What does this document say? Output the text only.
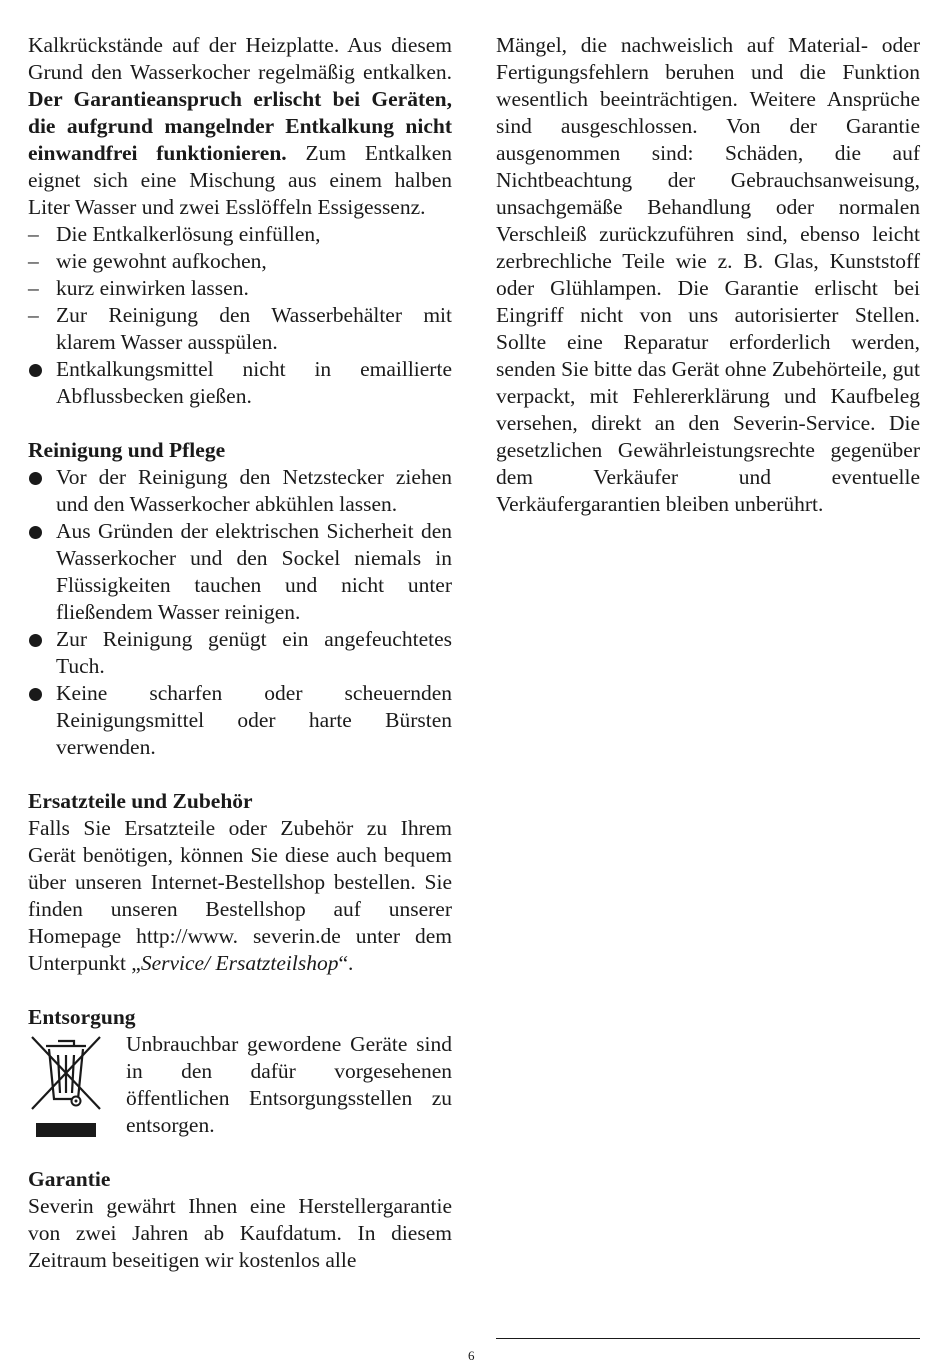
Kalkrückstände auf der Heizplatte. Aus diesem Grund den Wasserkocher regelmäßig entkalken. Der Garantieanspruch erlischt bei Geräten, die aufgrund mangelnder Entkalkung nicht einwandfrei funktionieren. Zum Entkalken eignet sich eine Mischung aus einem halben Liter Wasser und zwei Esslöffeln Essigessenz.

– Die Entkalkerlösung einfüllen,
– wie gewohnt aufkochen,
– kurz einwirken lassen.
– Zur Reinigung den Wasserbehälter mit klarem Wasser ausspülen.
Entkalkungsmittel nicht in emaillierte Abflussbecken gießen.

Reinigung und Pflege

Vor der Reinigung den Netzstecker ziehen und den Wasserkocher abkühlen lassen.
Aus Gründen der elektrischen Sicherheit den Wasserkocher und den Sockel niemals in Flüssigkeiten tauchen und nicht unter fließendem Wasser reinigen.
Zur Reinigung genügt ein angefeuchtetes Tuch.
Keine scharfen oder scheuernden Reinigungsmittel oder harte Bürsten verwenden.

Ersatzteile und Zubehör

Falls Sie Ersatzteile oder Zubehör zu Ihrem Gerät benötigen, können Sie diese auch bequem über unseren Internet-Bestellshop bestellen. Sie finden unseren Bestellshop auf unserer Homepage http://www. severin.de unter dem Unterpunkt „Service/ Ersatzteilshop“.

Entsorgung

Unbrauchbar gewordene Geräte sind in den dafür vorgesehenen öffentlichen Entsorgungsstellen zu entsorgen.

Garantie

Severin gewährt Ihnen eine Herstellergarantie von zwei Jahren ab Kaufdatum. In diesem Zeitraum beseitigen wir kostenlos alle

Mängel, die nachweislich auf Material- oder Fertigungsfehlern beruhen und die Funktion wesentlich beeinträchtigen. Weitere Ansprüche sind ausgeschlossen. Von der Garantie ausgenommen sind: Schäden, die auf Nichtbeachtung der Gebrauchsanweisung, unsachgemäße Behandlung oder normalen Verschleiß zurückzuführen sind, ebenso leicht zerbrechliche Teile wie z. B. Glas, Kunststoff oder Glühlampen. Die Garantie erlischt bei Eingriff nicht von uns autorisierter Stellen. Sollte eine Reparatur erforderlich werden, senden Sie bitte das Gerät ohne Zubehörteile, gut verpackt, mit Fehlererklärung und Kaufbeleg versehen, direkt an den Severin-Service. Die gesetzlichen Gewährleistungsrechte gegenüber dem Verkäufer und eventuelle Verkäufergarantien bleiben unberührt.

6
